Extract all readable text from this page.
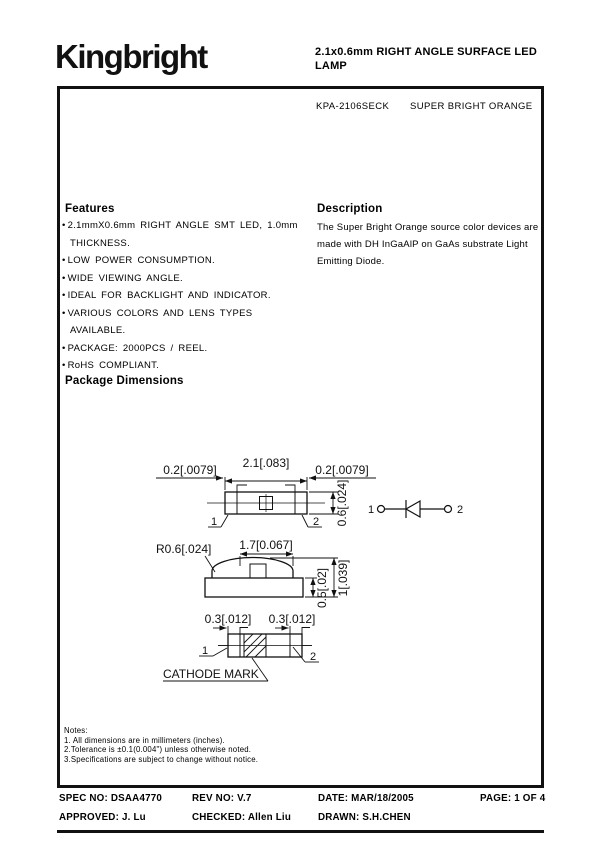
Kingbright	2.1x0.6mm RIGHT ANGLE SURFACE LED
LAMP
KPA-2106SECK SUPER BRIGHT ORANGE
Features
• 2.1mmX0.6mm RIGHT ANGLE SMT LED, 1.0mm THICKNESS.
• LOW POWER CONSUMPTION.
• WIDE VIEWING ANGLE.
• IDEAL FOR BACKLIGHT AND INDICATOR.
• VARIOUS COLORS AND LENS TYPES AVAILABLE.
• PACKAGE: 2000PCS / REEL.
• RoHS COMPLIANT.
Description
The Super Bright Orange source color devices are made with DH InGaAlP on GaAs substrate Light Emitting Diode.
Package Dimensions
2.1[.083]
0.2[.0079]	0.2[.0079]
0.6[.024]
1	2
1	2
R0.6[.024] 1.7[0.067]
0.5[.02] 1[.039]
0.3[.012] 0.3[.012]
1	2
CATHODE MARK
Notes:
1. All dimensions are in millimeters (inches).
2.Tolerance is ±0.1(0.004") unless otherwise noted.
3.Specifications are subject to change without notice.
SPEC NO: DSAA4770	REV NO: V.7	DATE: MAR/18/2005	PAGE: 1 OF 4
APPROVED: J. Lu	CHECKED: Allen Liu	DRAWN: S.H.CHEN
